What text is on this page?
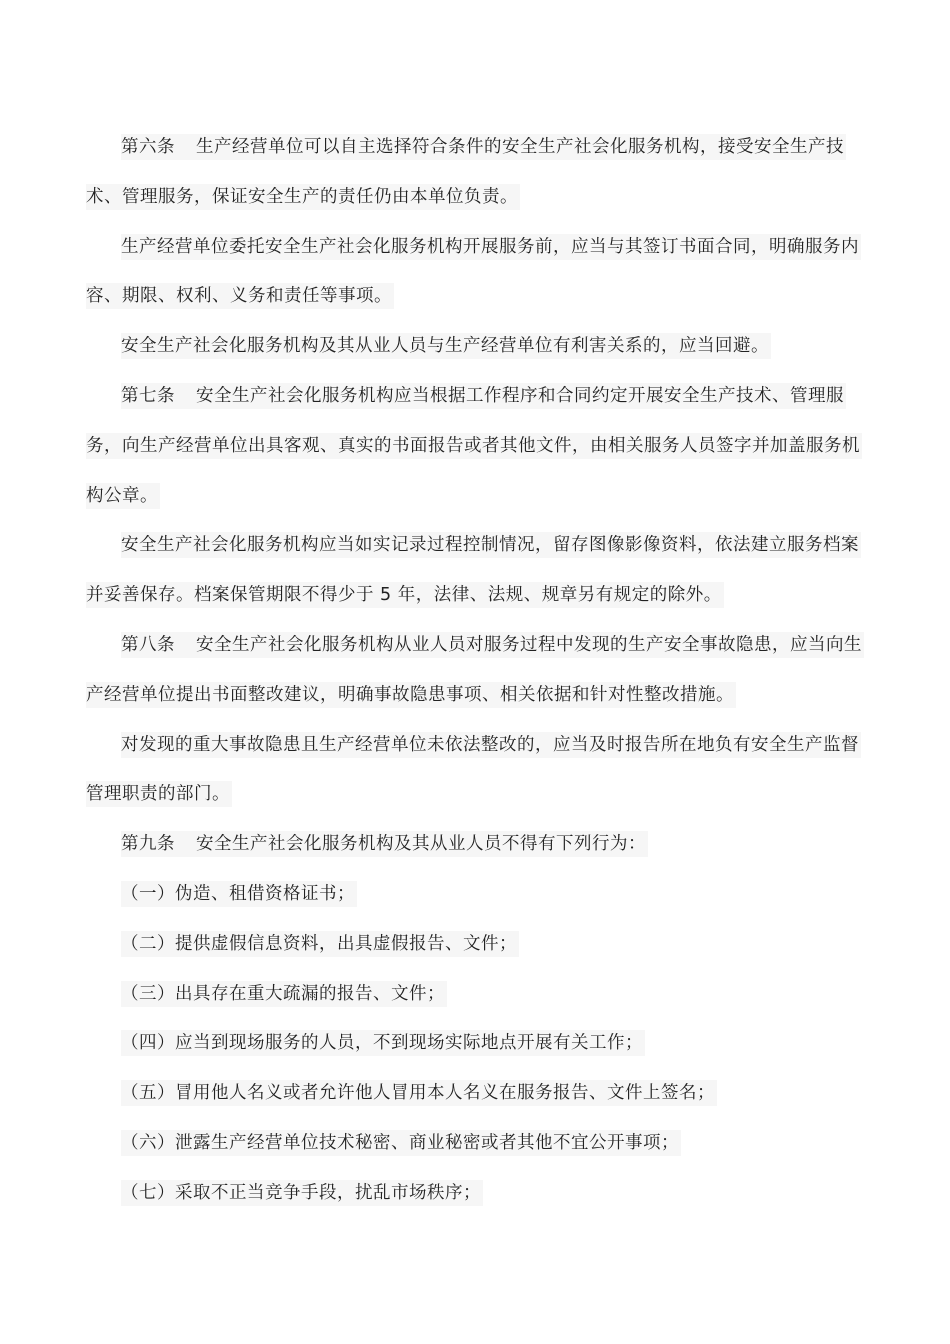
第六条 生产经营单位可以自主选择符合条件的安全生产社会化服务机构，接受安全生产技术、管理服务，保证安全生产的责任仍由本单位负责。

生产经营单位委托安全生产社会化服务机构开展服务前，应当与其签订书面合同，明确服务内容、期限、权利、义务和责任等事项。

安全生产社会化服务机构及其从业人员与生产经营单位有利害关系的，应当回避。

第七条 安全生产社会化服务机构应当根据工作程序和合同约定开展安全生产技术、管理服务，向生产经营单位出具客观、真实的书面报告或者其他文件，由相关服务人员签字并加盖服务机构公章。

安全生产社会化服务机构应当如实记录过程控制情况，留存图像影像资料，依法建立服务档案并妥善保存。档案保管期限不得少于 5 年，法律、法规、规章另有规定的除外。

第八条 安全生产社会化服务机构从业人员对服务过程中发现的生产安全事故隐患，应当向生产经营单位提出书面整改建议，明确事故隐患事项、相关依据和针对性整改措施。

对发现的重大事故隐患且生产经营单位未依法整改的，应当及时报告所在地负有安全生产监督管理职责的部门。

第九条 安全生产社会化服务机构及其从业人员不得有下列行为：

（一）伪造、租借资格证书；

（二）提供虚假信息资料，出具虚假报告、文件；

（三）出具存在重大疏漏的报告、文件；

（四）应当到现场服务的人员，不到现场实际地点开展有关工作；

（五）冒用他人名义或者允许他人冒用本人名义在服务报告、文件上签名；

（六）泄露生产经营单位技术秘密、商业秘密或者其他不宜公开事项；

（七）采取不正当竞争手段，扰乱市场秩序；
